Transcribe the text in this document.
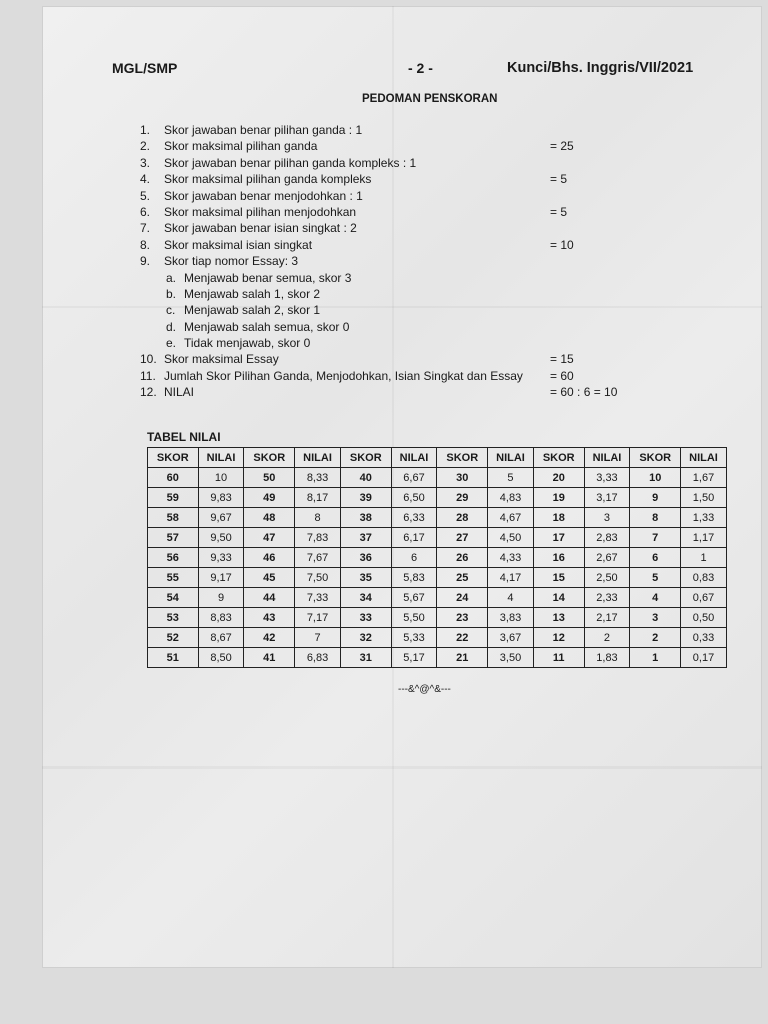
MGL/SMP	- 2 -	Kunci/Bhs. Inggris/VII/2021
PEDOMAN PENSKORAN
1. Skor jawaban benar pilihan ganda : 1
2. Skor maksimal pilihan ganda	= 25
3. Skor jawaban benar pilihan ganda kompleks : 1
4. Skor maksimal pilihan ganda kompleks	= 5
5. Skor jawaban benar menjodohkan : 1
6. Skor maksimal pilihan menjodohkan	= 5
7. Skor jawaban benar isian singkat : 2
8. Skor maksimal isian singkat	= 10
9. Skor tiap nomor Essay: 3
a. Menjawab benar semua, skor 3
b. Menjawab salah 1, skor 2
c. Menjawab salah 2, skor 1
d. Menjawab salah semua, skor 0
e. Tidak menjawab, skor 0
10. Skor maksimal Essay	= 15
11. Jumlah Skor Pilihan Ganda, Menjodohkan, Isian Singkat dan Essay = 60
12. NILAI	= 60 : 6 = 10
TABEL NILAI
SKOR	NILAI	SKOR	NILAI	SKOR	NILAI	SKOR	NILAI	SKOR	NILAI	SKOR	NILAI
60	10	50	8,33	40	6,67	30	5	20	3,33	10	1,67
59	9,83	49	8,17	39	6,50	29	4,83	19	3,17	9	1,50
58	9,67	48	8	38	6,33	28	4,67	18	3	8	1,33
57	9,50	47	7,83	37	6,17	27	4,50	17	2,83	7	1,17
56	9,33	46	7,67	36	6	26	4,33	16	2,67	6	1
55	9,17	45	7,50	35	5,83	25	4,17	15	2,50	5	0,83
54	9	44	7,33	34	5,67	24	4	14	2,33	4	0,67
53	8,83	43	7,17	33	5,50	23	3,83	13	2,17	3	0,50
52	8,67	42	7	32	5,33	22	3,67	12	2	2	0,33
51	8,50	41	6,83	31	5,17	21	3,50	11	1,83	1	0,17
---&^@^&---
